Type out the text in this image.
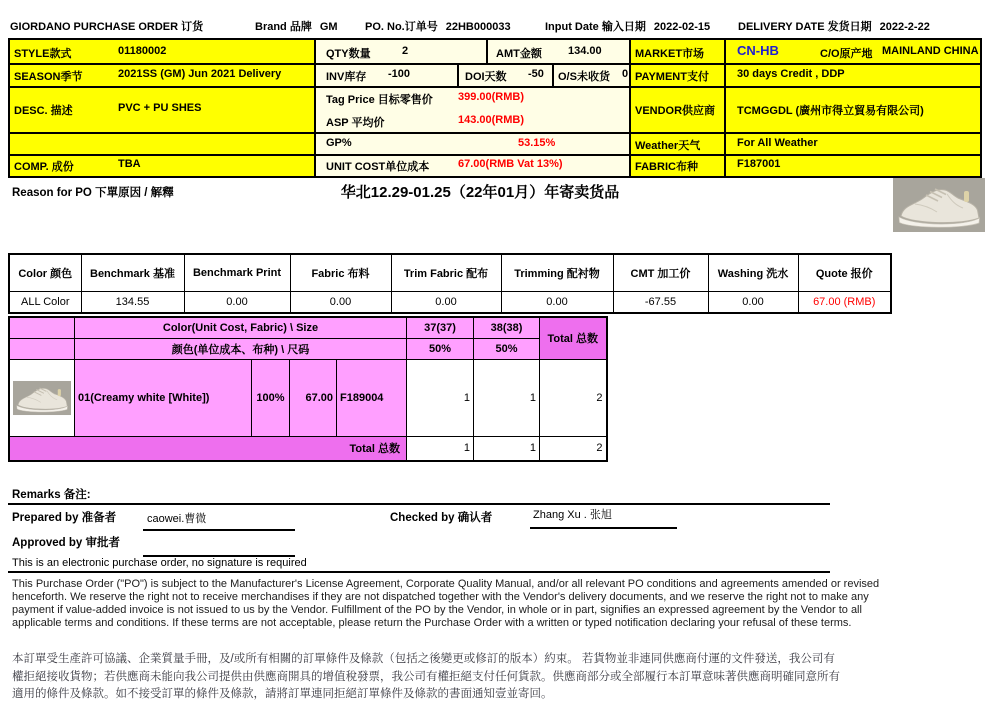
GIORDANO PURCHASE ORDER 订货	Brand 品牌 GM PO. No.订单号 22HB000033	Input Date 输入日期 2022-02-15	DELIVERY DATE 发货日期 2022-2-22
STYLE款式	01180002	QTY数量	2	AMT金额 134.00	MARKET市场	CN-HB	C/O原产地 MAINLAND CHINA
SEASON季节	2021SS (GM) Jun 2021 Delivery	INV库存 -100	DOI天数 -50 O/S未收货 0 PAYMENT支付	30 days Credit , DDP
DESC. 描述	PVC + PU SHES
Tag Price 目标零售价 399.00(RMB)
ASP 平均价	143.00(RMB)
VENDOR供应商 TCMGGDL (廣州市得立貿易有限公司)
GP%	53.15%	Weather天气	For All Weather
COMP. 成份	TBA	UNIT COST单位成本	67.00(RMB Vat 13%)	FABRIC布种	F187001
Reason for PO 下單原因 / 解釋	华北12.29-01.25（22年01月）年寄卖货品
Color 颜色	Benchmark 基准	Benchmark Print	Fabric 布料	Trim Fabric 配布	Trimming 配衬物	CMT 加工价	Washing 洗水	Quote 报价
ALL Color	134.55	0.00	0.00	0.00	0.00	-67.55	0.00	67.00 (RMB)
	Color(Unit Cost, Fabric) \ Size				37(37)	38(38)	Total 总数
	颜色(单位成本、布种) \ 尺码				50%	50%	

	01(Creamy white [White])	100%	67.00	F189004	1	1	2
Total 总数					1	1	2
Remarks 备注:
Prepared by 准备者	caowei.曹微	Checked by 确认者	Zhang Xu . 张旭
Approved by 审批者
This is an electronic purchase order, no signature is required
This Purchase Order ("PO") is subject to the Manufacturer's License Agreement, Corporate Quality Manual, and/or all relevant PO conditions and agreements amended or revised henceforth. We reserve the right not to receive merchandises if they are not dispatched together with the Vendor's delivery documents, and we reserve the right not to make any payment if value-added invoice is not issued to us by the Vendor. Fulfillment of the PO by the Vendor, in whole or in part, signifies an expressed agreement by the Vendor to all applicable terms and conditions. If these terms are not acceptable, please return the Purchase Order with a written or typed notification declaring your refusal of these terms.
本訂單受生產許可協議、企業質量手冊，及/或所有相關的訂單條件及條款（包括之後變更或修訂的版本）約束。 若貨物並非連同供應商付運的文件發送，我公司有權拒絕接收貨物；若供應商未能向我公司提供由供應商開具的增值稅發票，我公司有權拒絕支付任何貨款。供應商部分或全部履行本訂單意味著供應商明確同意所有適用的條件及條款。如不接受訂單的條件及條款，請將訂單連同拒絕訂單條件及條款的書面通知壹並寄回。
